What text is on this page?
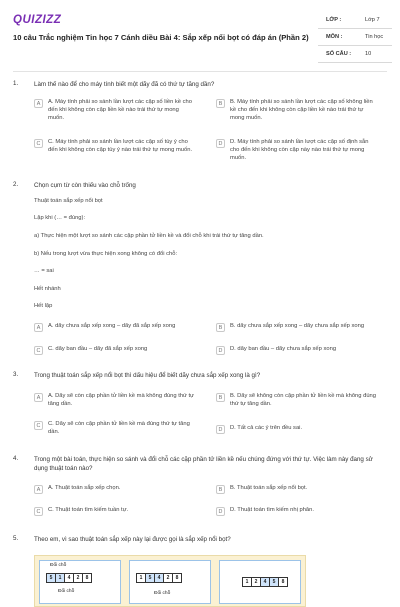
QUIZIZZ
10 câu Trắc nghiệm Tin học 7 Cánh diều Bài 4: Sắp xếp nổi bọt có đáp án (Phần 2)
LỚP :	Lớp 7
MÔN :	Tin học
SỐ CÂU : 10
1.	Làm thế nào để cho máy tính biết một dãy đã có thứ tự tăng dần?
A	A. Máy tính phải so sánh lần lượt các cặp số liền kề cho đến khi không còn cặp liền kề nào trái thứ tự mong muốn.
B	B. Máy tính phải so sánh lần lượt các cặp số không liền kề cho đến khi không còn cặp liền kề nào trái thứ tự mong muốn.
C	C. Máy tính phải so sánh lần lượt các cặp số tùy ý cho đến khi không còn cặp tùy ý nào trái thứ tự mong muốn.
D	D. Máy tính phải so sánh lần lượt các cặp số định sẵn cho đến khi không còn cặp này nào trái thứ tự mong muốn.
2.	Chọn cụm từ còn thiếu vào chỗ trống
Thuật toán sắp xếp nổi bọt
Lặp khi (… = đúng):
a) Thực hiện một lượt so sánh các cặp phần tử liền kề và đổi chỗ khi trái thứ tự tăng dần.
b) Nếu trong lượt vừa thực hiện xong không có đổi chỗ:
… = sai
Hết nhánh
Hết lặp
A	A. dãy chưa sắp xếp xong – dãy đã sắp xếp xong	B	B. dãy chưa sắp xếp xong – dãy chưa sắp xếp xong
C	C. dãy ban đầu – dãy đã sắp xếp xong	D	D. dãy ban đầu – dãy chưa sắp xếp xong
3.	Trong thuật toán sắp xếp nổi bọt thì dấu hiệu để biết dãy chưa sắp xếp xong là gì?
A	A. Dãy sẽ còn cặp phần tử liền kề mà không đúng thứ tự tăng dần.
B	B. Dãy sẽ không còn cặp phần tử liền kề mà không đúng thứ tự tăng dần.
C	C. Dãy sẽ còn cặp phần tử liền kề mà đúng thứ tự tăng dần.	D	D. Tất cả các ý trên đều sai.
4.	Trong một bài toán, thực hiện so sánh và đổi chỗ các cặp phần tử liền kề nếu chúng đứng với thứ tự. Việc làm này đang sử dụng thuật toán nào?
A	A. Thuật toán sắp xếp chọn.	B	B. Thuật toán sắp xếp nổi bọt.
C	C. Thuật toán tìm kiếm tuần tự.	D	D. Thuật toán tìm kiếm nhị phân.
5.	Theo em, vì sao thuật toán sắp xếp này lại được gọi là sắp xếp nổi bọt?
Đổi chỗ
5	1	4	2	8
Đổi chỗ
1	5	4	2	8
Đổi chỗ
1	2	4	5	8
